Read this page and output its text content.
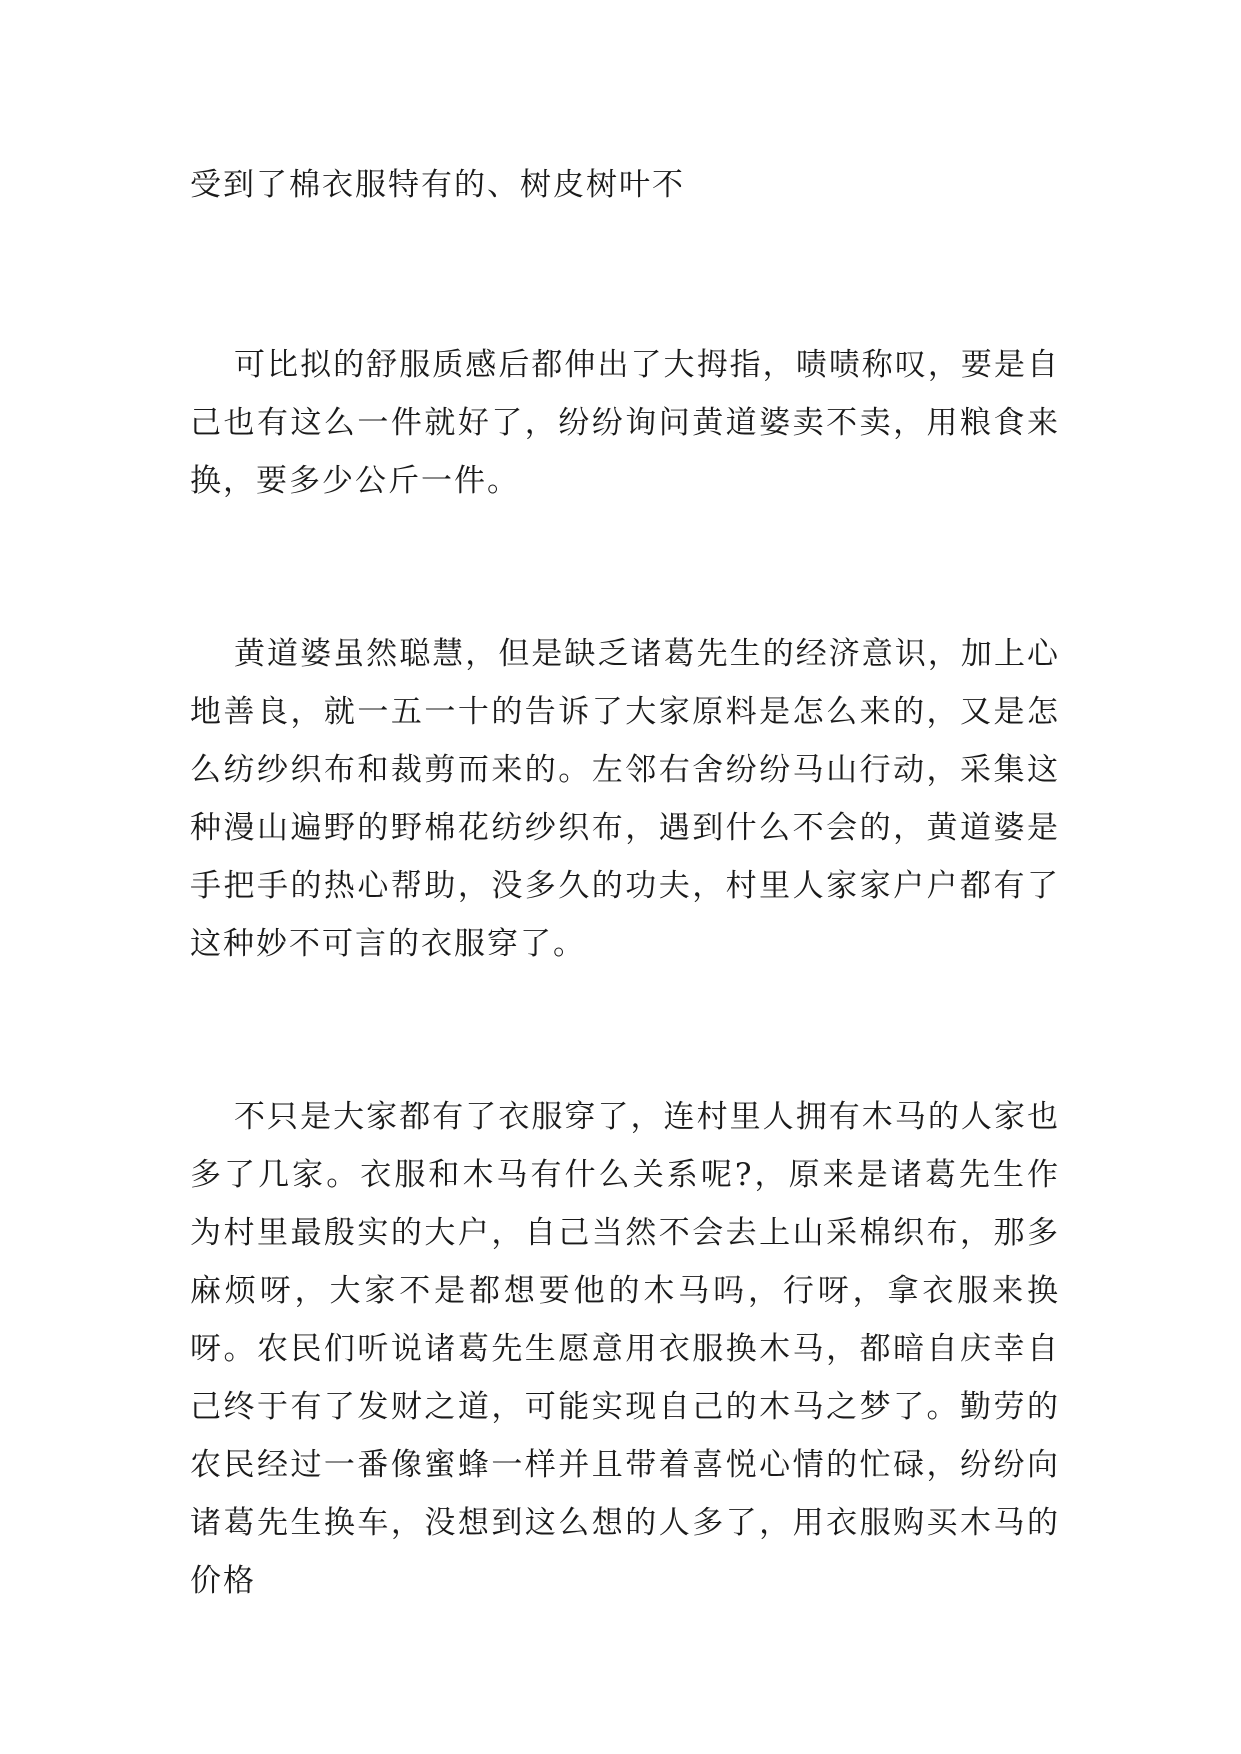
受到了棉衣服特有的、树皮树叶不

可比拟的舒服质感后都伸出了大拇指，啧啧称叹，要是自己也有这么一件就好了，纷纷询问黄道婆卖不卖，用粮食来换，要多少公斤一件。

黄道婆虽然聪慧，但是缺乏诸葛先生的经济意识，加上心地善良，就一五一十的告诉了大家原料是怎么来的，又是怎么纺纱织布和裁剪而来的。左邻右舍纷纷马山行动，采集这种漫山遍野的野棉花纺纱织布，遇到什么不会的，黄道婆是手把手的热心帮助，没多久的功夫，村里人家家户户都有了这种妙不可言的衣服穿了。

不只是大家都有了衣服穿了，连村里人拥有木马的人家也多了几家。衣服和木马有什么关系呢?，原来是诸葛先生作为村里最殷实的大户，自己当然不会去上山采棉织布，那多麻烦呀，大家不是都想要他的木马吗，行呀，拿衣服来换呀。农民们听说诸葛先生愿意用衣服换木马，都暗自庆幸自己终于有了发财之道，可能实现自己的木马之梦了。勤劳的农民经过一番像蜜蜂一样并且带着喜悦心情的忙碌，纷纷向诸葛先生换车，没想到这么想的人多了，用衣服购买木马的价格
